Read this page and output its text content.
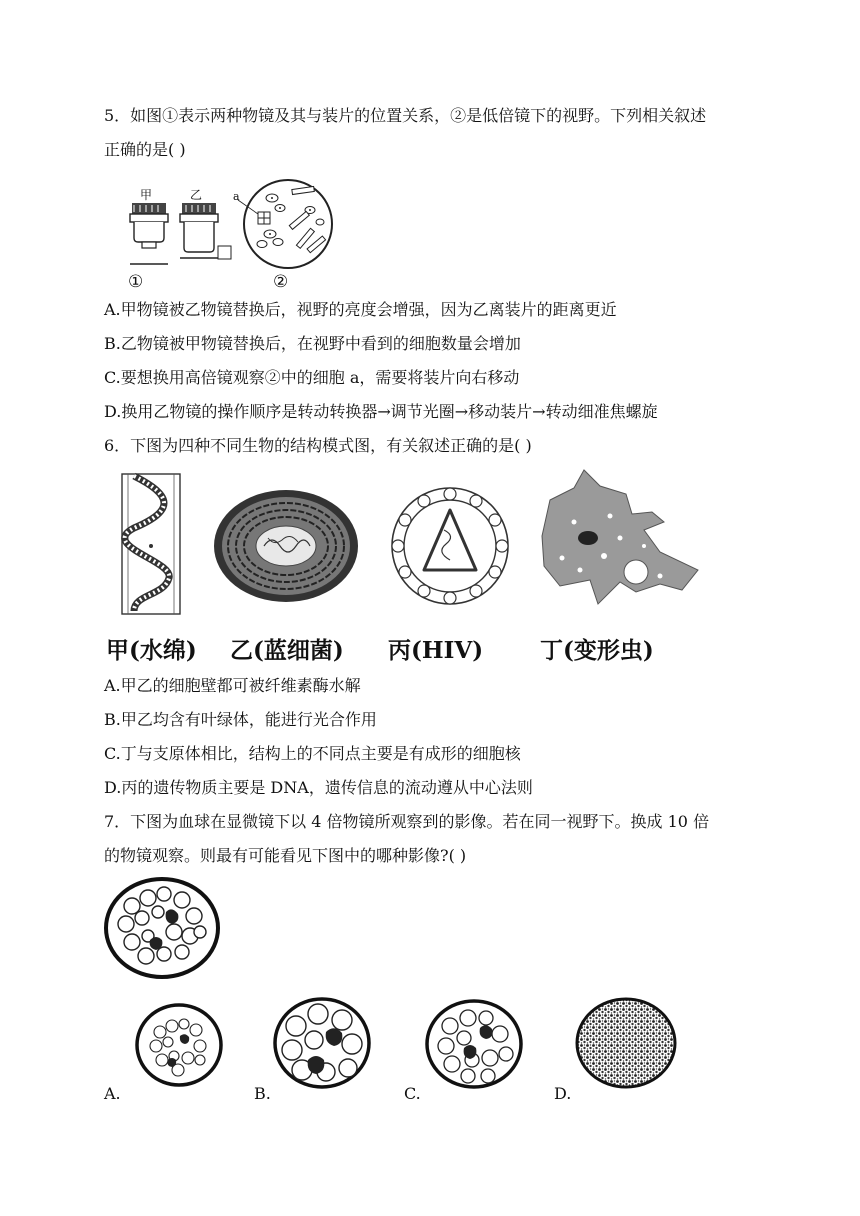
5．如图①表示两种物镜及其与装片的位置关系，②是低倍镜下的视野。下列相关叙述
正确的是( )
甲	乙	a
①	②
A.甲物镜被乙物镜替换后，视野的亮度会增强，因为乙离装片的距离更近
B.乙物镜被甲物镜替换后，在视野中看到的细胞数量会增加
C.要想换用高倍镜观察②中的细胞 a，需要将装片向右移动
D.换用乙物镜的操作顺序是转动转换器→调节光圈→移动装片→转动细准焦螺旋
6．下图为四种不同生物的结构模式图，有关叙述正确的是( )
甲(水绵) 乙(蓝细菌) 丙(HIV) 丁(变形虫)
A.甲乙的细胞壁都可被纤维素酶水解
B.甲乙均含有叶绿体，能进行光合作用
C.丁与支原体相比，结构上的不同点主要是有成形的细胞核
D.丙的遗传物质主要是 DNA，遗传信息的流动遵从中心法则
7．下图为血球在显微镜下以 4 倍物镜所观察到的影像。若在同一视野下。换成 10 倍
的物镜观察。则最有可能看见下图中的哪种影像?( )
A.	B.	C.	D.
